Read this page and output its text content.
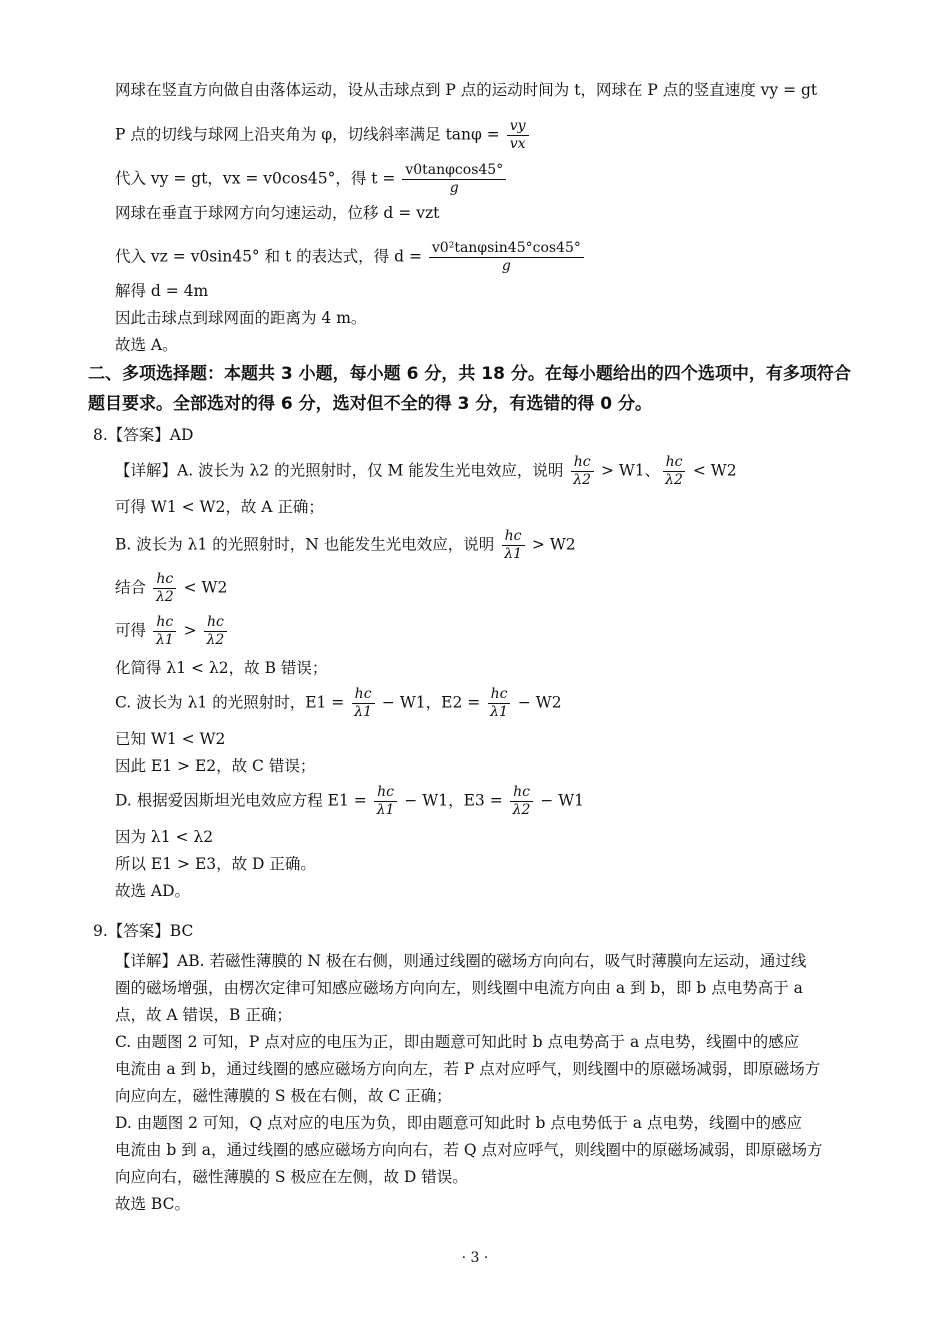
网球在竖直方向做自由落体运动，设从击球点到 P 点的运动时间为 t，网球在 P 点的竖直速度 vy = gt
P 点的切线与球网上沿夹角为 φ，切线斜率满足 $\tan\varphi = \frac{vy}{vx}$
代入 vy = gt，vx = v0cos45°，得 $t = \frac{v0\tan\varphi\cos 45^\circ}{g}$
网球在垂直于球网方向匀速运动，位移 d = vzt
代入 vz = v0sin45° 和 t 的表达式，得 $d = \frac{\text{v0²tanφsin45°cos45°}}{g}$
解得 d = 4m
因此击球点到球网面的距离为 4 m。
故选 A。
二、多项选择题：本题共 3 小题，每小题 6 分，共 18 分。在每小题给出的四个选项中，有多项符合
题目要求。全部选对的得 6 分，选对但不全的得 3 分，有选错的得 0 分。
8.【答案】AD
【详解】A. 波长为 λ2 的光照射时，仅 M 能发生光电效应，说明 $\frac{hc}{\lambda 2} > W1$、 $\frac{hc}{\lambda 2} < W2$
可得 W1 < W2，故 A 正确；
B. 波长为 λ1 的光照射时，N 也能发生光电效应，说明 $\frac{hc}{\lambda 1} > W2$
结合 $\frac{hc}{\lambda 2} < W2$
可得 $\frac{hc}{\lambda 1} > \frac{hc}{\lambda 2}$
化简得 λ1 < λ2，故 B 错误；
C. 波长为 λ1 的光照射时，$E1 = \frac{hc}{\lambda 1} - W1$，$E2 = \frac{hc}{\lambda 1} - W2$
已知 W1 < W2
因此 E1 > E2，故 C 错误；
D. 根据爱因斯坦光电效应方程 $E1 = \frac{hc}{\lambda 1} - W1$，$E3 = \frac{hc}{\lambda 2} - W1$
因为 λ1 < λ2
所以 E1 > E3，故 D 正确。
故选 AD。
9.【答案】BC
【详解】AB. 若磁性薄膜的 N 极在右侧，则通过线圈的磁场方向向右，吸气时薄膜向左运动，通过线
圈的磁场增强，由楞次定律可知感应磁场方向向左，则线圈中电流方向由 a 到 b，即 b 点电势高于 a
点，故 A 错误，B 正确；
C. 由题图 2 可知，P 点对应的电压为正，即由题意可知此时 b 点电势高于 a 点电势，线圈中的感应
电流由 a 到 b，通过线圈的感应磁场方向向左，若 P 点对应呼气，则线圈中的原磁场减弱，即原磁场方
向应向左，磁性薄膜的 S 极在右侧，故 C 正确；
D. 由题图 2 可知，Q 点对应的电压为负，即由题意可知此时 b 点电势低于 a 点电势，线圈中的感应
电流由 b 到 a，通过线圈的感应磁场方向向右，若 Q 点对应呼气，则线圈中的原磁场减弱，即原磁场方
向应向右，磁性薄膜的 S 极应在左侧，故 D 错误。
故选 BC。
· 3 ·
